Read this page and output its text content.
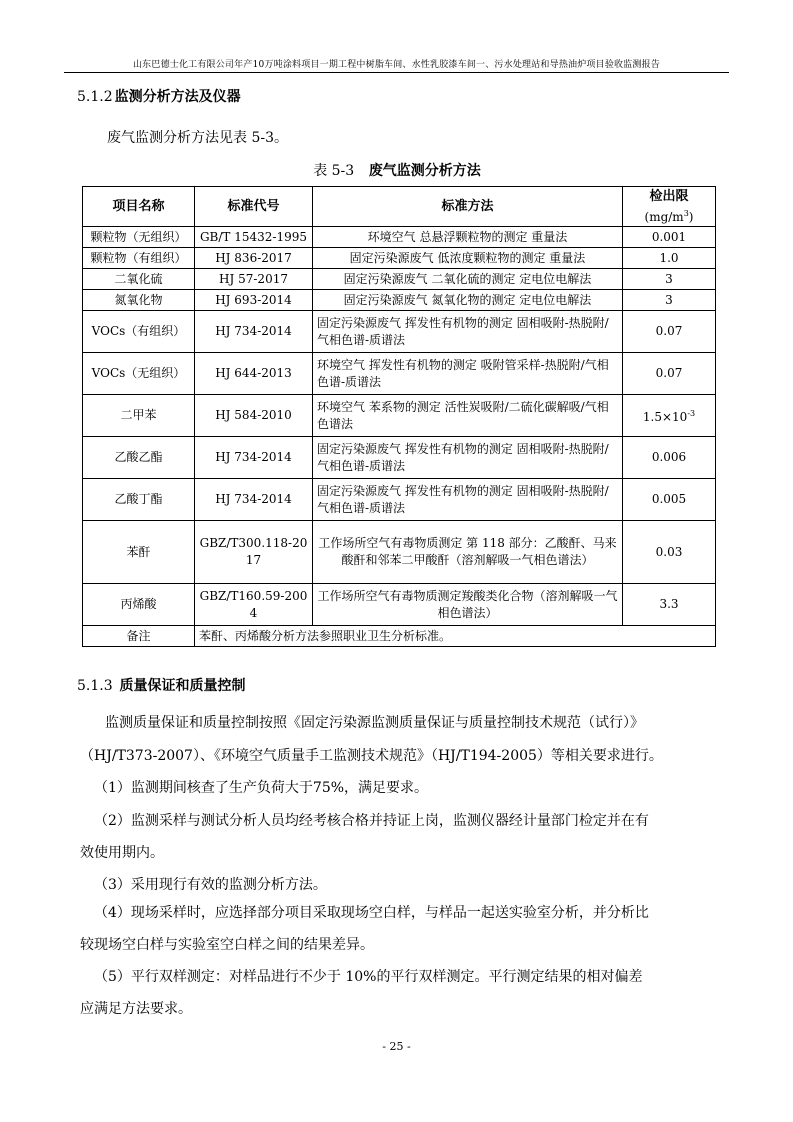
山东巴德士化工有限公司年产10万吨涂料项目一期工程中树脂车间、水性乳胶漆车间一、污水处理站和导热油炉项目验收监测报告
5.1.2 监测分析方法及仪器
废气监测分析方法见表 5-3。
表 5-3 废气监测分析方法
项目名称	标准代号	标准方法	检出限
$(mg/m^3)$

颗粒物（无组织）	GB/T 15432-1995	环境空气 总悬浮颗粒物的测定 重量法	0.001
颗粒物（有组织）	HJ 836-2017	固定污染源废气 低浓度颗粒物的测定 重量法	1.0
二氧化硫	HJ 57-2017	固定污染源废气 二氧化硫的测定 定电位电解法	3
氮氧化物	HJ 693-2014	固定污染源废气 氮氧化物的测定 定电位电解法	3
VOCs（有组织）	HJ 734-2014	固定污染源废气 挥发性有机物的测定 固相吸附-热脱附/气相色谱-质谱法	0.07
VOCs（无组织）	HJ 644-2013	环境空气 挥发性有机物的测定 吸附管采样-热脱附/气相色谱-质谱法	0.07
二甲苯	HJ 584-2010	环境空气 苯系物的测定 活性炭吸附/二硫化碳解吸/气相色谱法	$1.5\times 10^{-3}$
乙酸乙酯	HJ 734-2014	固定污染源废气 挥发性有机物的测定 固相吸附-热脱附/气相色谱-质谱法	0.006
乙酸丁酯	HJ 734-2014	固定污染源废气 挥发性有机物的测定 固相吸附-热脱附/气相色谱-质谱法	0.005
苯酐	GBZ/T300.118-2017	工作场所空气有毒物质测定 第 118 部分：乙酸酐、马来酸酐和邻苯二甲酸酐（溶剂解吸一气相色谱法）	0.03
丙烯酸	GBZ/T160.59-2004	工作场所空气有毒物质测定羧酸类化合物（溶剂解吸一气相色谱法）	3.3
备注	苯酐、丙烯酸分析方法参照职业卫生分析标准。		
5.1.3 质量保证和质量控制
监测质量保证和质量控制按照《固定污染源监测质量保证与质量控制技术规范（试行）》
（HJ/T373-2007）、《环境空气质量手工监测技术规范》（HJ/T194-2005）等相关要求进行。
（1）监测期间核查了生产负荷大于75%，满足要求。
（2）监测采样与测试分析人员均经考核合格并持证上岗，监测仪器经计量部门检定并在有
效使用期内。
（3）采用现行有效的监测分析方法。
（4）现场采样时，应选择部分项目采取现场空白样，与样品一起送实验室分析，并分析比
较现场空白样与实验室空白样之间的结果差异。
（5）平行双样测定：对样品进行不少于 10%的平行双样测定。平行测定结果的相对偏差
应满足方法要求。
- 25 -
